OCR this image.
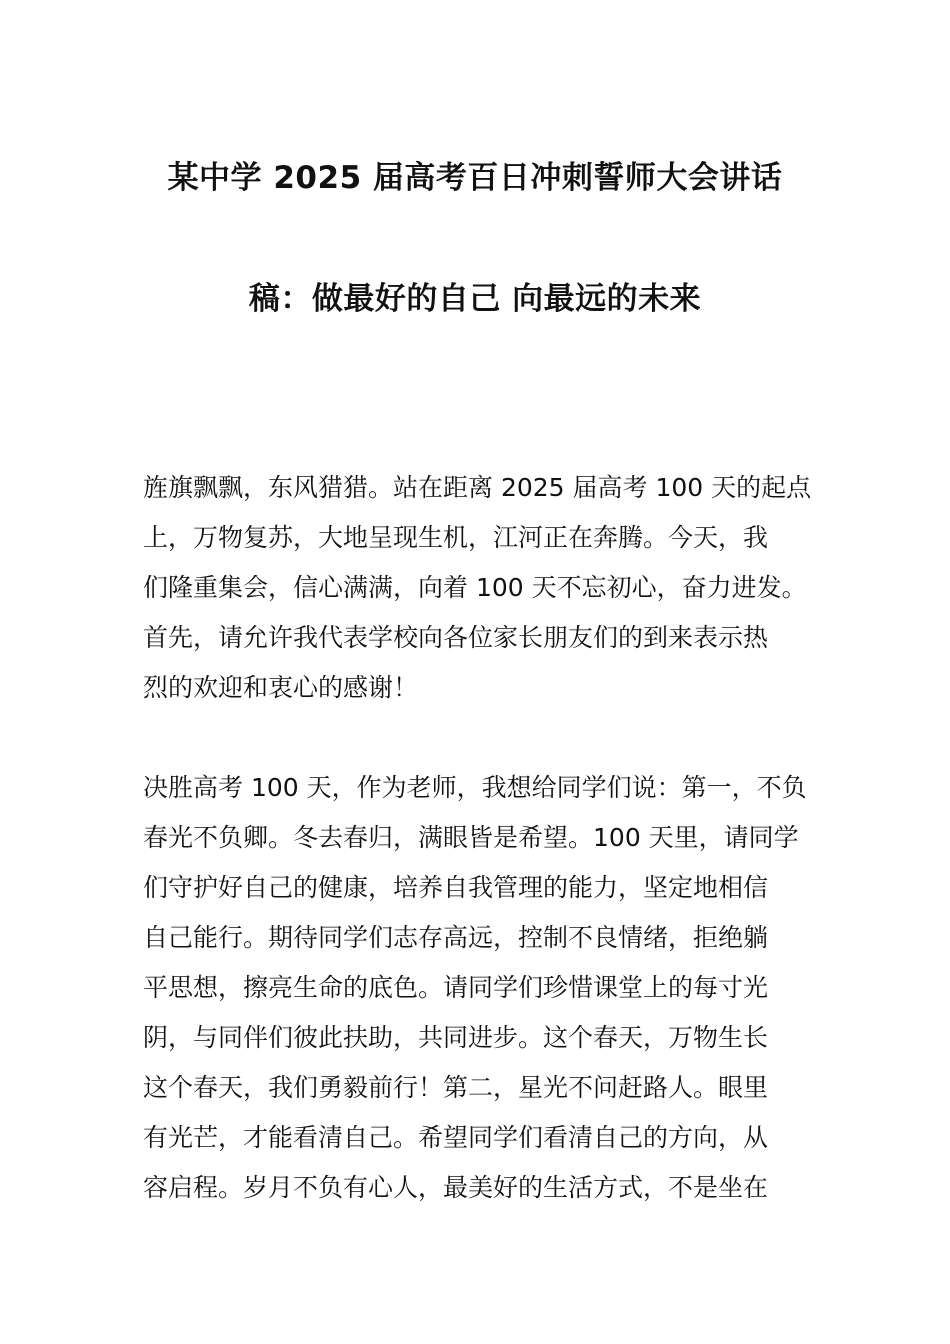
某中学 2025 届高考百日冲刺誓师大会讲话
稿：做最好的自己 向最远的未来
旌旗飘飘，东风猎猎。站在距离 2025 届高考 100 天的起点
上，万物复苏，大地呈现生机，江河正在奔腾。今天，我
们隆重集会，信心满满，向着 100 天不忘初心，奋力进发。
首先，请允许我代表学校向各位家长朋友们的到来表示热
烈的欢迎和衷心的感谢！
决胜高考 100 天，作为老师，我想给同学们说：第一，不负
春光不负卿。冬去春归，满眼皆是希望。100 天里，请同学
们守护好自己的健康，培养自我管理的能力，坚定地相信
自己能行。期待同学们志存高远，控制不良情绪，拒绝躺
平思想，擦亮生命的底色。请同学们珍惜课堂上的每寸光
阴，与同伴们彼此扶助，共同进步。这个春天，万物生长
这个春天，我们勇毅前行！第二，星光不问赶路人。眼里
有光芒，才能看清自己。希望同学们看清自己的方向，从
容启程。岁月不负有心人，最美好的生活方式，不是坐在
